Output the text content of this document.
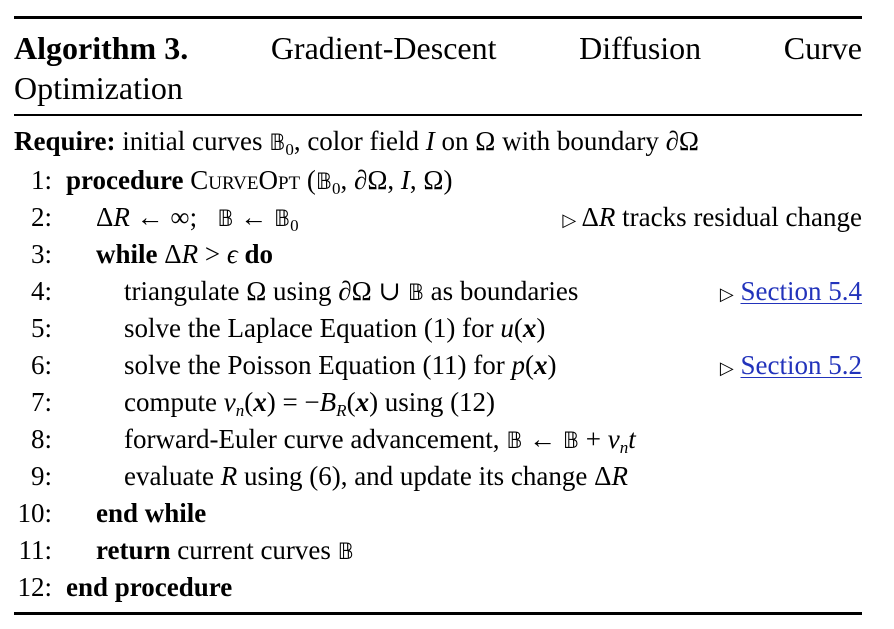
Algorithm 3.	Gradient-Descent	Diffusion	Curve
Optimization
Require: initial curves 𝔹$_0$, color field I on Ω with boundary ∂Ω
1: procedure CurveOpt (𝔹$_0$, ∂Ω, I, Ω)
2: ΔR ← ∞;   𝔹 ← 𝔹$_0$	▷ ΔR tracks residual change
3: while ΔR > ϵ do
4:	triangulate Ω using ∂Ω ∪ 𝔹 as boundaries	▷ Section 5.4
5:	solve the Laplace Equation (1) for u(x)
6:	solve the Poisson Equation (11) for p(x)	▷ Section 5.2
7:	compute $v_n(x) = -B_R(x)$ using (12)
8:	forward-Euler curve advancement, 𝔹 ← 𝔹 + $v_nt$
9:	evaluate R using (6), and update its change ΔR
10: end while
11: return current curves 𝔹
12: end procedure
